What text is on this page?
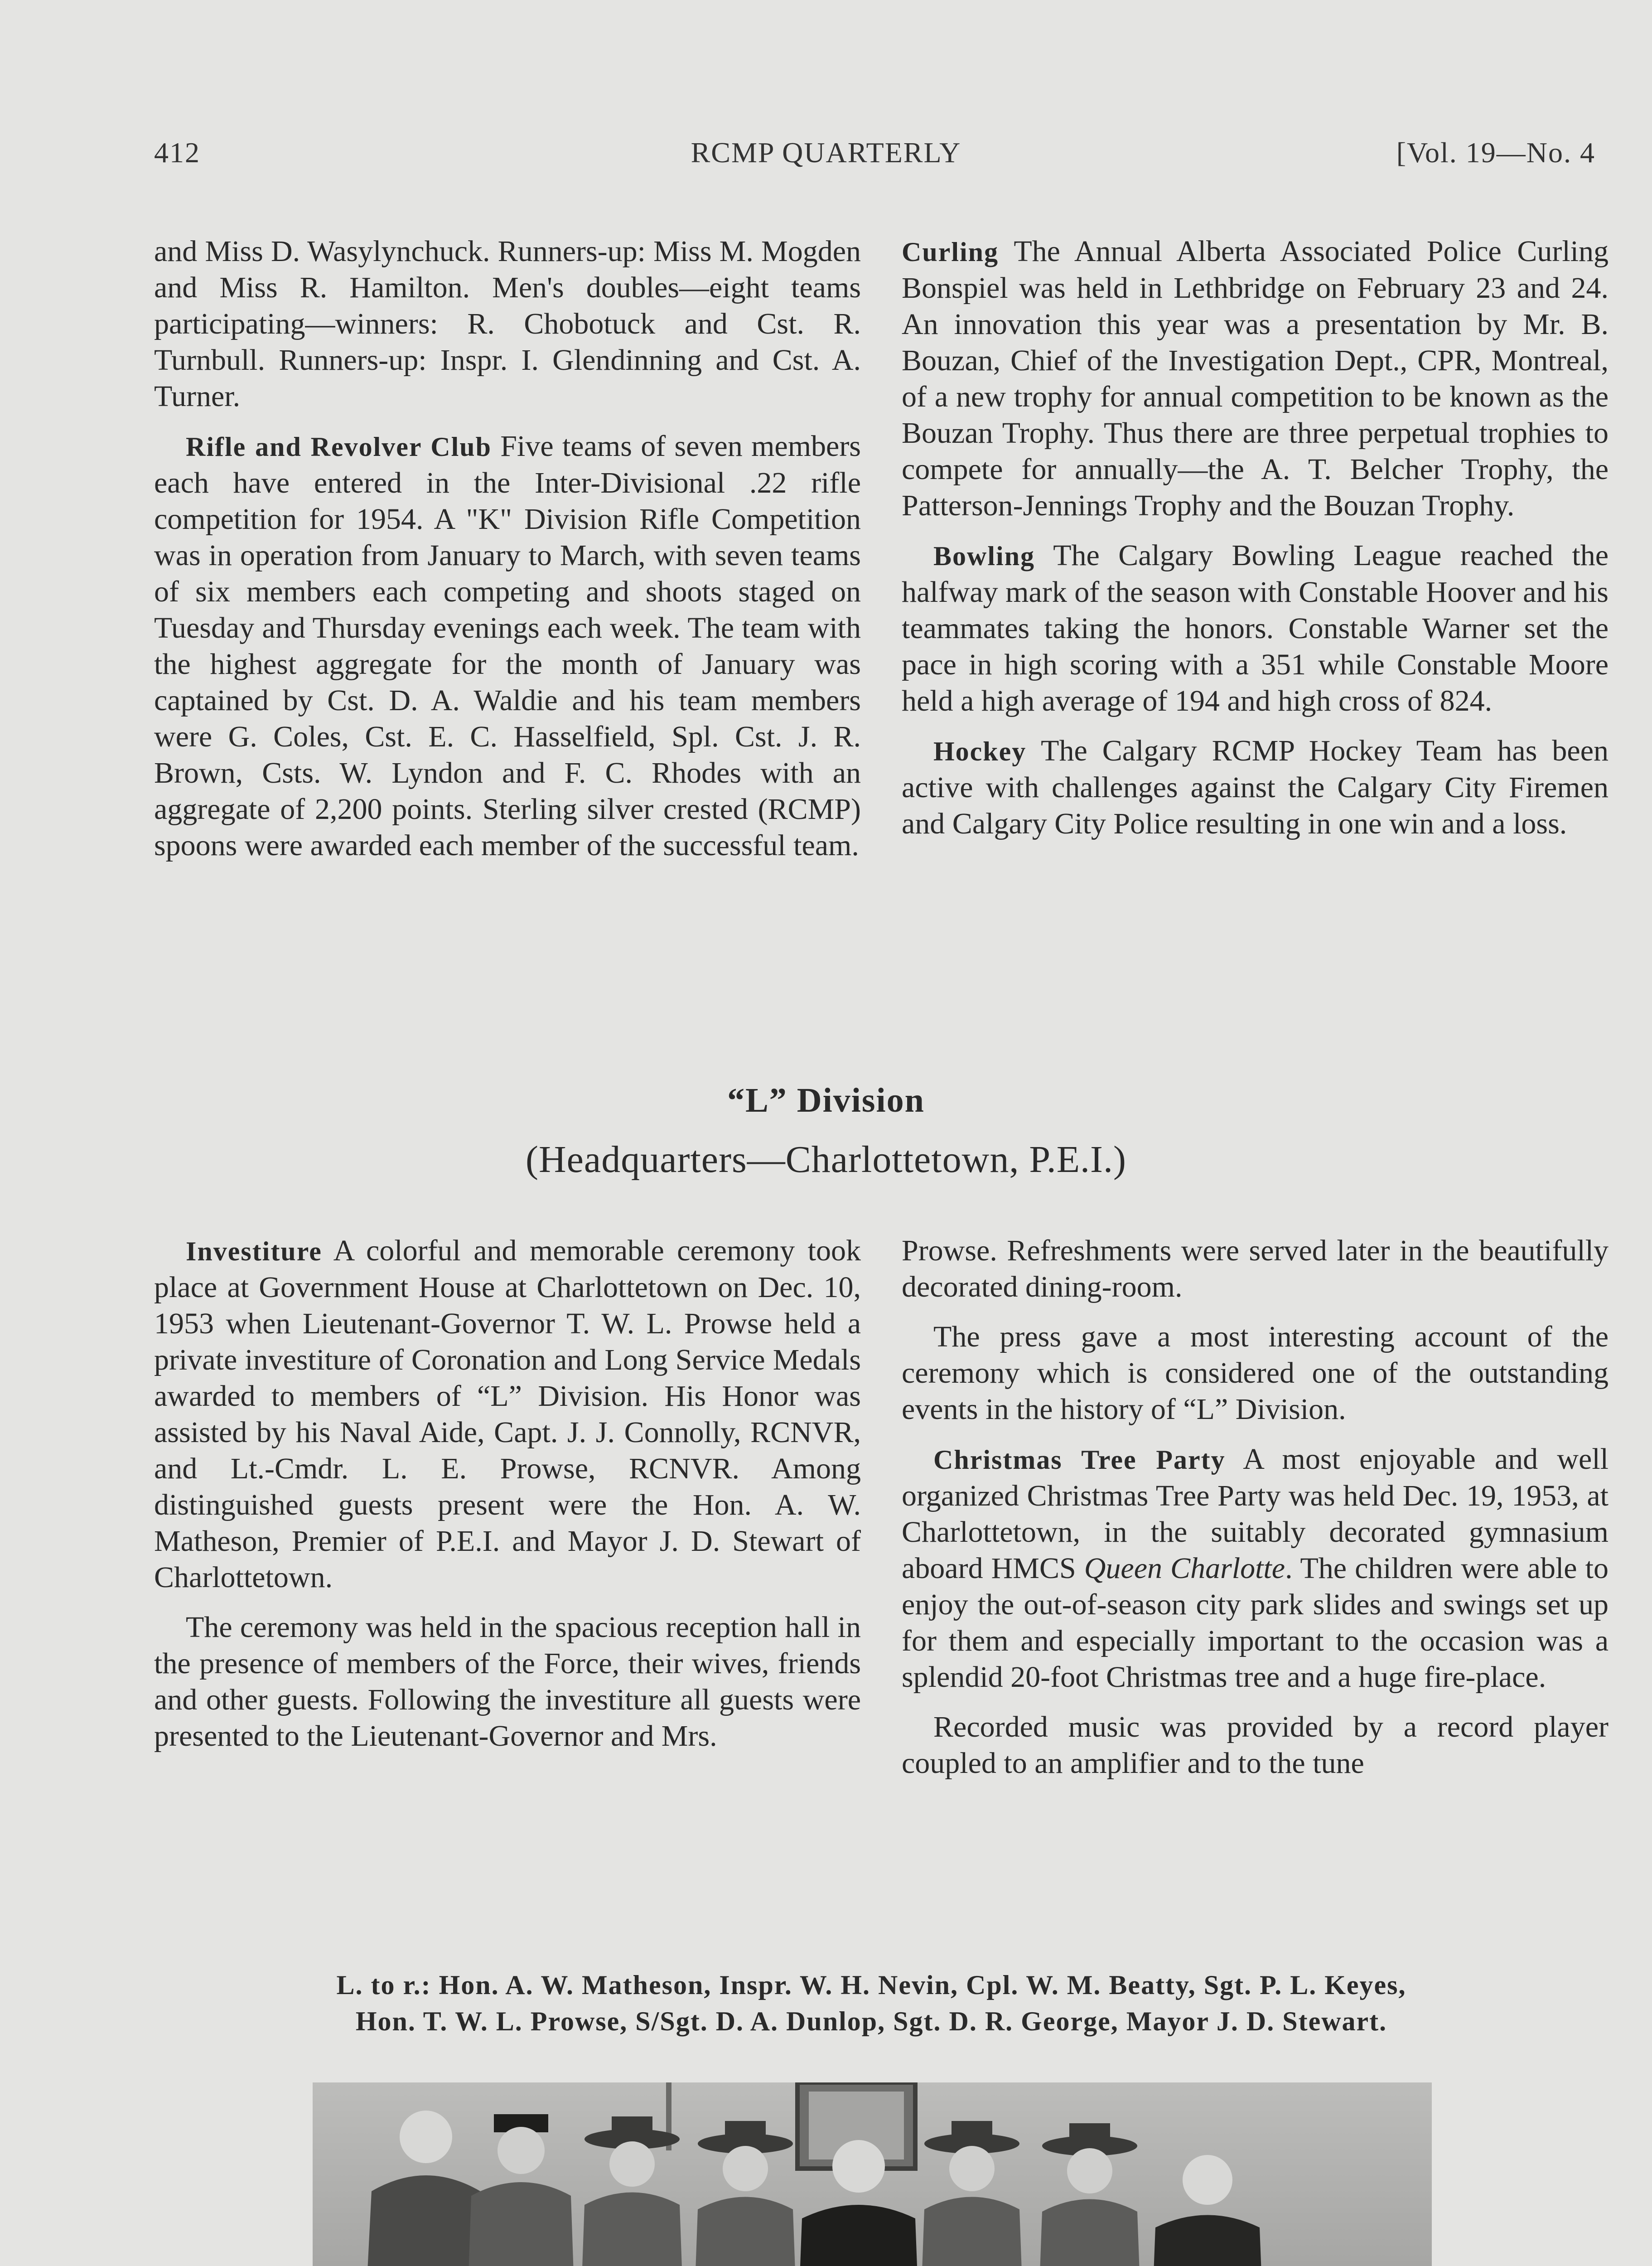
412	RCMP QUARTERLY	[Vol. 19—No. 4

and Miss D. Wasylynchuck. Runners-up: Miss M. Mogden and Miss R. Hamilton. Men's doubles—eight teams participating—winners: R. Chobotuck and Cst. R. Turnbull. Runners-up: Inspr. I. Glendinning and Cst. A. Turner.

Rifle and Revolver Club Five teams of seven members each have entered in the Inter-Divisional .22 rifle competition for 1954. A "K" Division Rifle Competition was in operation from January to March, with seven teams of six members each competing and shoots staged on Tuesday and Thursday evenings each week. The team with the highest aggregate for the month of January was captained by Cst. D. A. Waldie and his team members were G. Coles, Cst. E. C. Hasselfield, Spl. Cst. J. R. Brown, Csts. W. Lyndon and F. C. Rhodes with an aggregate of 2,200 points. Sterling silver crested (RCMP) spoons were awarded each member of the successful team.

Curling The Annual Alberta Associated Police Curling Bonspiel was held in Lethbridge on February 23 and 24. An innovation this year was a presentation by Mr. B. Bouzan, Chief of the Investigation Dept., CPR, Montreal, of a new trophy for annual competition to be known as the Bouzan Trophy. Thus there are three perpetual trophies to compete for annually—the A. T. Belcher Trophy, the Patterson-Jennings Trophy and the Bouzan Trophy.

Bowling The Calgary Bowling League reached the halfway mark of the season with Constable Hoover and his teammates taking the honors. Constable Warner set the pace in high scoring with a 351 while Constable Moore held a high average of 194 and high cross of 824.

Hockey The Calgary RCMP Hockey Team has been active with challenges against the Calgary City Firemen and Calgary City Police resulting in one win and a loss.

“L” Division
(Headquarters—Charlottetown, P.E.I.)

Investiture A colorful and memorable ceremony took place at Government House at Charlottetown on Dec. 10, 1953 when Lieutenant-Governor T. W. L. Prowse held a private investiture of Coronation and Long Service Medals awarded to members of “L” Division. His Honor was assisted by his Naval Aide, Capt. J. J. Connolly, RCNVR, and Lt.-Cmdr. L. E. Prowse, RCNVR. Among distinguished guests present were the Hon. A. W. Matheson, Premier of P.E.I. and Mayor J. D. Stewart of Charlottetown.

The ceremony was held in the spacious reception hall in the presence of members of the Force, their wives, friends and other guests. Following the investiture all guests were presented to the Lieutenant-Governor and Mrs.

Prowse. Refreshments were served later in the beautifully decorated dining-room.

The press gave a most interesting account of the ceremony which is considered one of the outstanding events in the history of “L” Division.

Christmas Tree Party A most enjoyable and well organized Christmas Tree Party was held Dec. 19, 1953, at Charlottetown, in the suitably decorated gymnasium aboard HMCS Queen Charlotte. The children were able to enjoy the out-of-season city park slides and swings set up for them and especially important to the occasion was a splendid 20-foot Christmas tree and a huge fire-place.

Recorded music was provided by a record player coupled to an amplifier and to the tune

L. to r.: Hon. A. W. Matheson, Inspr. W. H. Nevin, Cpl. W. M. Beatty, Sgt. P. L. Keyes,
Hon. T. W. L. Prowse, S/Sgt. D. A. Dunlop, Sgt. D. R. George, Mayor J. D. Stewart.
